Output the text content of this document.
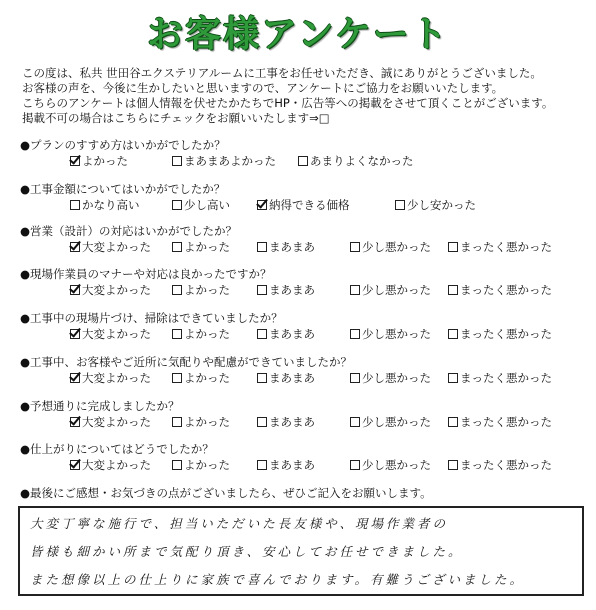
お客様アンケート
この度は、私共 世田谷エクステリアルームに工事をお任せいただき、誠にありがとうございました。
お客様の声を、今後に生かしたいと思いますので、アンケートにご協力をお願いいたします。
こちらのアンケートは個人情報を伏せたかたちでHP・広告等への掲載をさせて頂くことがございます。
掲載不可の場合はこちらにチェックをお願いいたします⇒□
●プランのすすめ方はいかがでしたか？
よかった	まあまあよかった	あまりよくなかった
●工事金額についてはいかがでしたか？
かなり高い	少し高い	納得できる価格	少し安かった
●営業（設計）の対応はいかがでしたか？
大変よかった	よかった	まあまあ	少し悪かった	まったく悪かった
●現場作業員のマナーや対応は良かったですか？
大変よかった	よかった	まあまあ	少し悪かった	まったく悪かった
●工事中の現場片づけ、掃除はできていましたか？
大変よかった	よかった	まあまあ	少し悪かった	まったく悪かった
●工事中、お客様やご近所に気配りや配慮ができていましたか？
大変よかった	よかった	まあまあ	少し悪かった	まったく悪かった
●予想通りに完成しましたか？
大変よかった	よかった	まあまあ	少し悪かった	まったく悪かった
●仕上がりについてはどうでしたか？
大変よかった	よかった	まあまあ	少し悪かった	まったく悪かった
●最後にご感想・お気づきの点がございましたら、ぜひご記入をお願いします。
大変丁寧な施行で、担当いただいた長友様や、現場作業者の
皆様も細かい所まで気配り頂き、安心してお任せできました。
また想像以上の仕上りに家族で喜んでおります。有難うございました。
